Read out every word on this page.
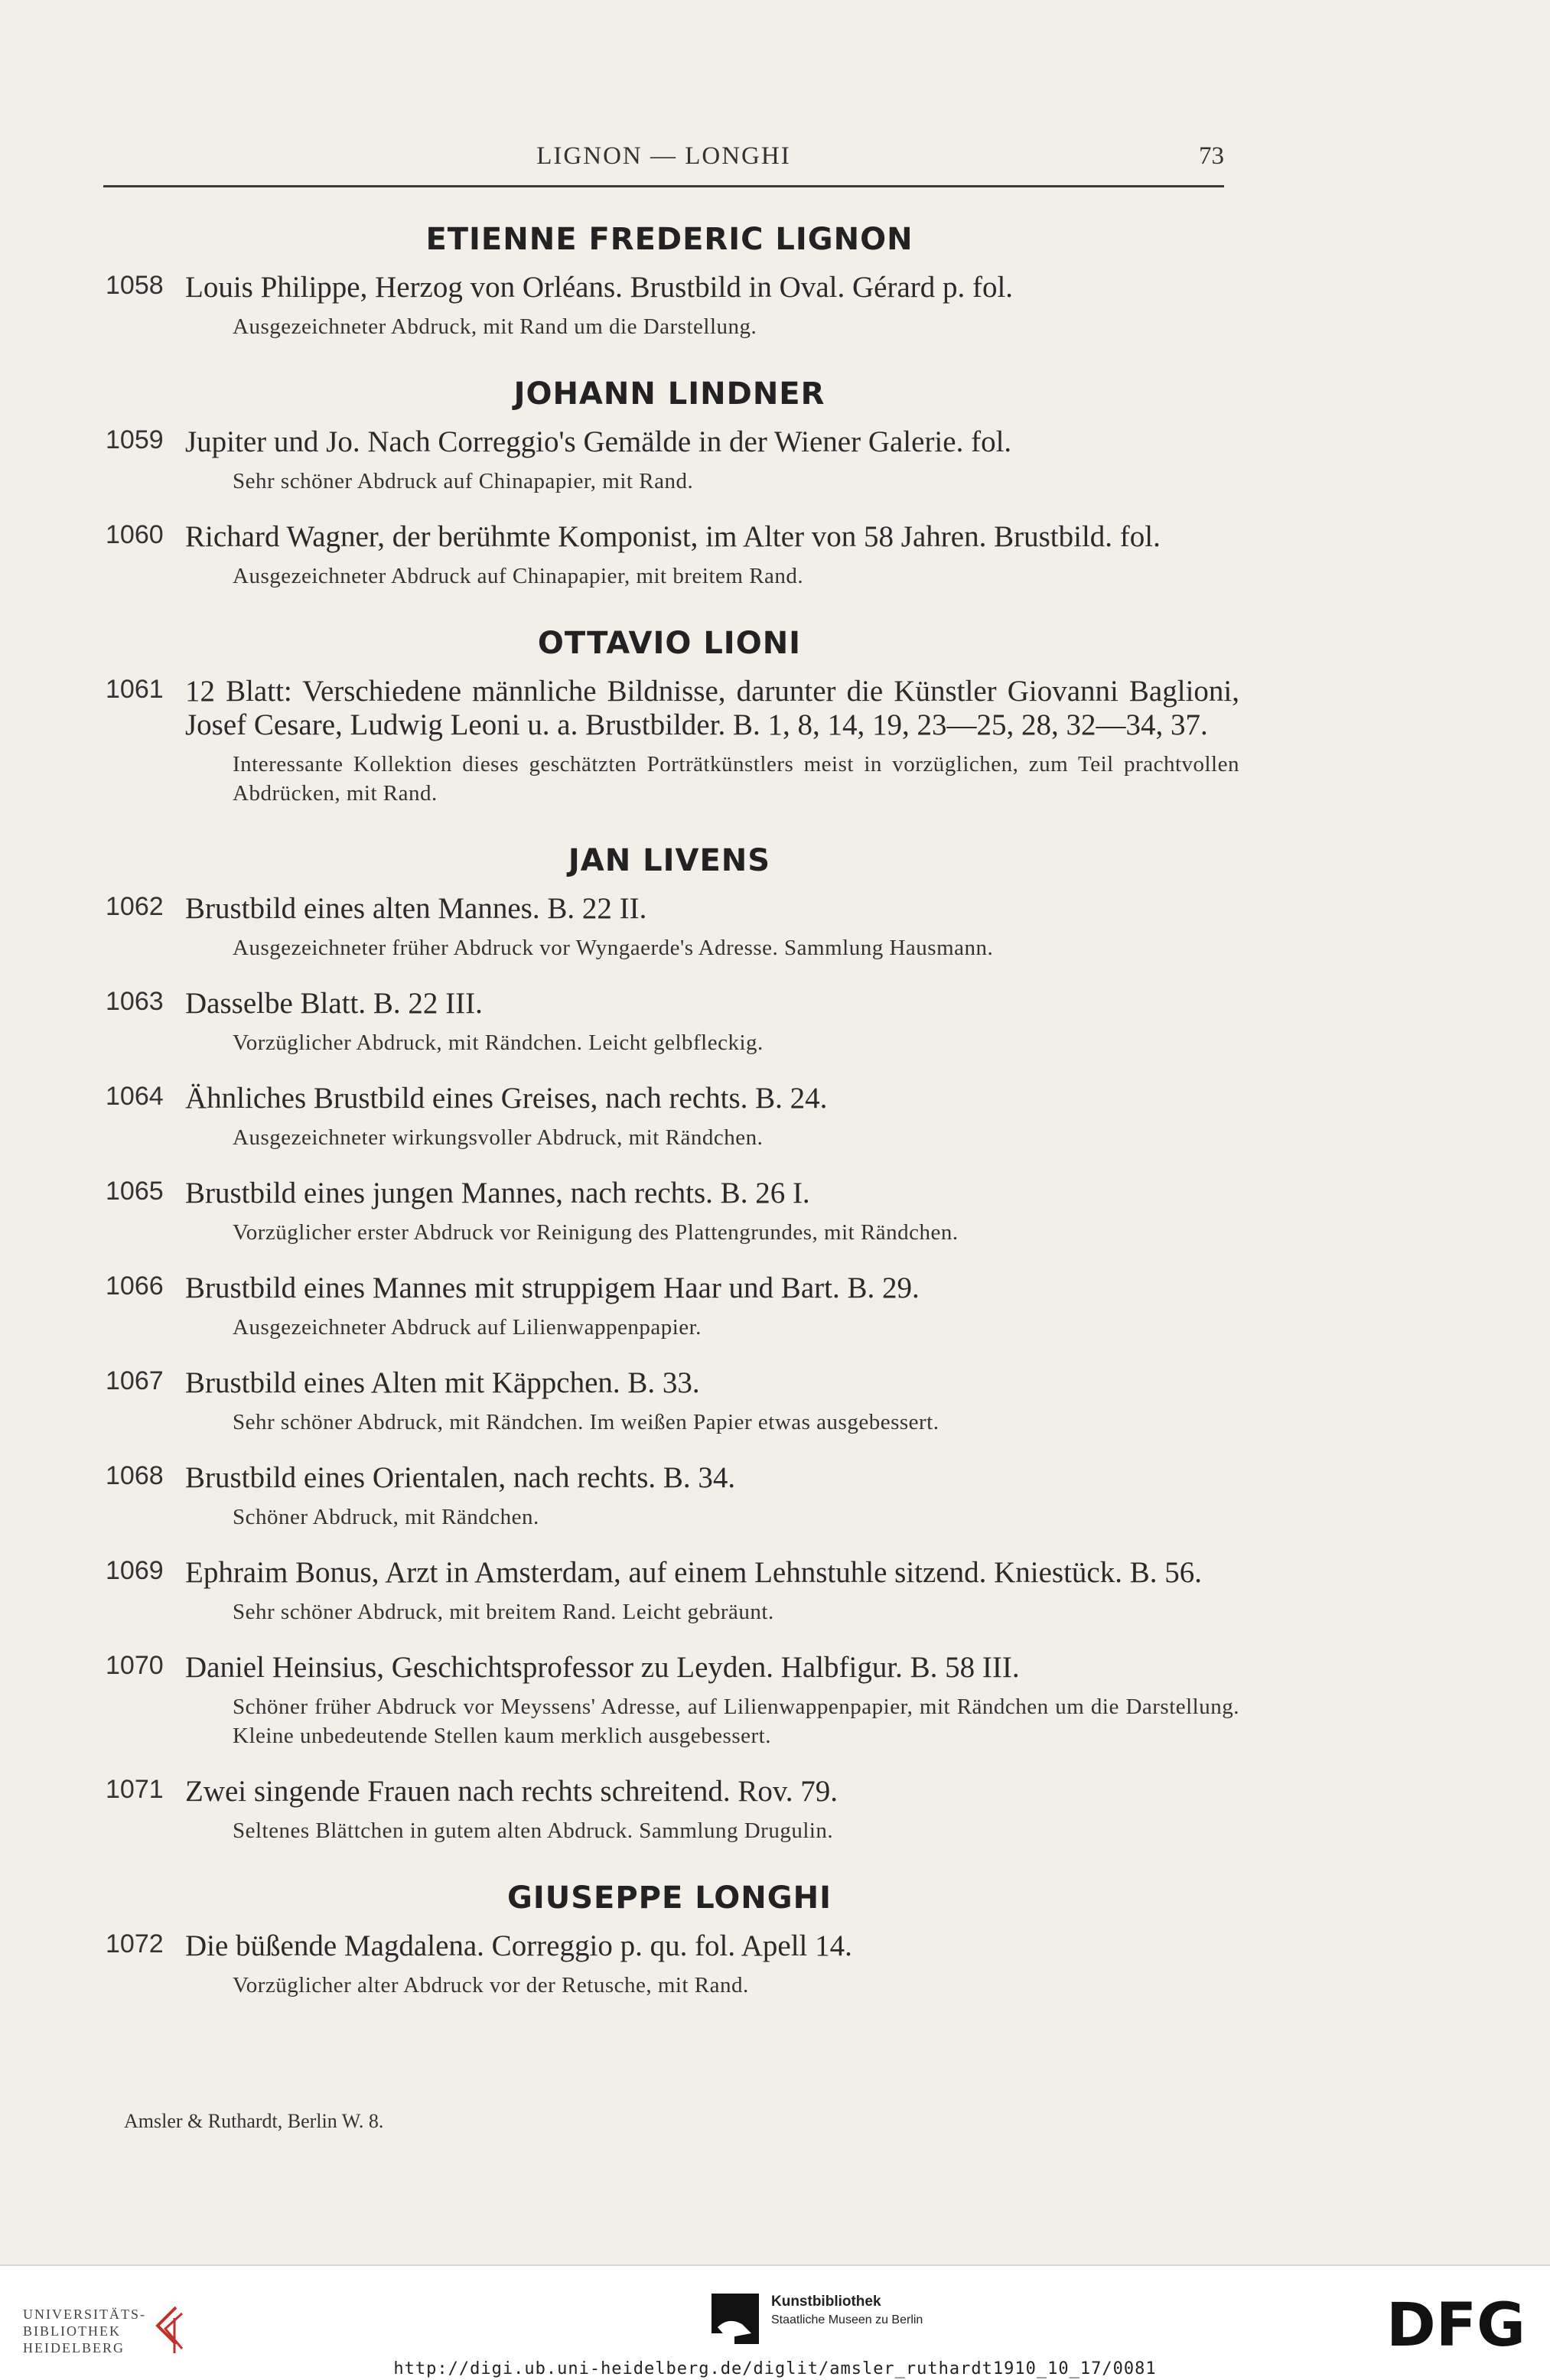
LIGNON — LONGHI	73
ETIENNE FREDERIC LIGNON
1058 Louis Philippe, Herzog von Orléans. Brustbild in Oval. Gérard p. fol.

Ausgezeichneter Abdruck, mit Rand um die Darstellung.

JOHANN LINDNER
1059 Jupiter und Jo. Nach Correggio's Gemälde in der Wiener Galerie. fol.

Sehr schöner Abdruck auf Chinapapier, mit Rand.

1060 Richard Wagner, der berühmte Komponist, im Alter von 58 Jahren. Brustbild. fol.

Ausgezeichneter Abdruck auf Chinapapier, mit breitem Rand.

OTTAVIO LIONI
1061 12 Blatt: Verschiedene männliche Bildnisse, darunter die Künstler Giovanni Baglioni, Josef Cesare, Ludwig Leoni u. a. Brustbilder. B. 1, 8, 14, 19, 23—25, 28, 32—34, 37.

Interessante Kollektion dieses geschätzten Porträtkünstlers meist in vorzüglichen, zum Teil prachtvollen Abdrücken, mit Rand.

JAN LIVENS
1062 Brustbild eines alten Mannes. B. 22 II.

Ausgezeichneter früher Abdruck vor Wyngaerde's Adresse. Sammlung Hausmann.

1063 Dasselbe Blatt. B. 22 III.

Vorzüglicher Abdruck, mit Rändchen. Leicht gelbfleckig.

1064 Ähnliches Brustbild eines Greises, nach rechts. B. 24.

Ausgezeichneter wirkungsvoller Abdruck, mit Rändchen.

1065 Brustbild eines jungen Mannes, nach rechts. B. 26 I.

Vorzüglicher erster Abdruck vor Reinigung des Plattengrundes, mit Rändchen.

1066 Brustbild eines Mannes mit struppigem Haar und Bart. B. 29.

Ausgezeichneter Abdruck auf Lilienwappenpapier.

1067 Brustbild eines Alten mit Käppchen. B. 33.

Sehr schöner Abdruck, mit Rändchen. Im weißen Papier etwas ausgebessert.

1068 Brustbild eines Orientalen, nach rechts. B. 34.

Schöner Abdruck, mit Rändchen.

1069 Ephraim Bonus, Arzt in Amsterdam, auf einem Lehnstuhle sitzend. Kniestück. B. 56.

Sehr schöner Abdruck, mit breitem Rand. Leicht gebräunt.

1070 Daniel Heinsius, Geschichtsprofessor zu Leyden. Halbfigur. B. 58 III.

Schöner früher Abdruck vor Meyssens' Adresse, auf Lilienwappenpapier, mit Rändchen um die Darstellung. Kleine unbedeutende Stellen kaum merklich ausgebessert.

1071 Zwei singende Frauen nach rechts schreitend. Rov. 79.

Seltenes Blättchen in gutem alten Abdruck. Sammlung Drugulin.

GIUSEPPE LONGHI
1072 Die büßende Magdalena. Correggio p. qu. fol. Apell 14.

Vorzüglicher alter Abdruck vor der Retusche, mit Rand.

Amsler & Ruthardt, Berlin W. 8.
UNIVERSITÄTS-
BIBLIOTHEK
HEIDELBERG
Kunstbibliothek
Staatliche Museen zu Berlin	DFG
http://digi.ub.uni-heidelberg.de/diglit/amsler_ruthardt1910_10_17/0081
